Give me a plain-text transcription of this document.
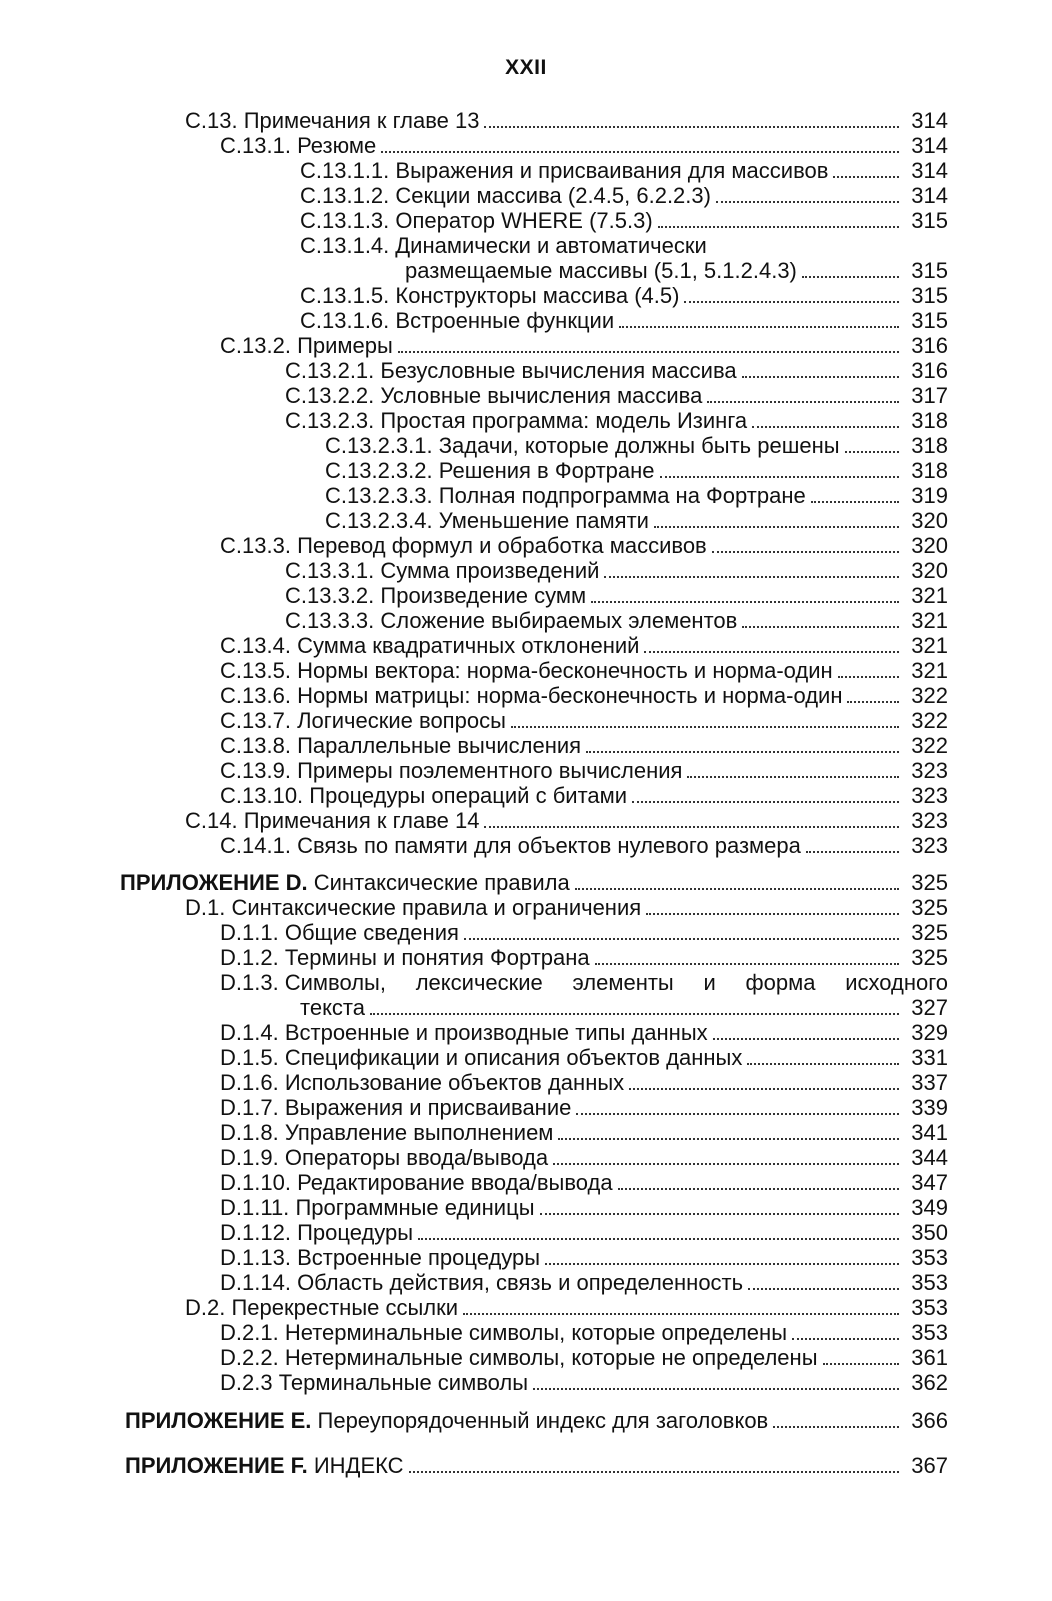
XXII
C.13. Примечания к главе 13	314
C.13.1. Резюме	314
C.13.1.1. Выражения и присваивания для массивов	314
C.13.1.2. Секции массива (2.4.5, 6.2.2.3)	314
C.13.1.3. Оператор WHERE (7.5.3)	315
C.13.1.4. Динамически и автоматически
размещаемые массивы (5.1, 5.1.2.4.3)	315
C.13.1.5. Конструкторы массива (4.5)	315
C.13.1.6. Встроенные функции	315
C.13.2. Примеры	316
C.13.2.1. Безусловные вычисления массива	316
C.13.2.2. Условные вычисления массива	317
C.13.2.3. Простая программа: модель Изинга	318
C.13.2.3.1. Задачи, которые должны быть решены	318
C.13.2.3.2. Решения в Фортране	318
C.13.2.3.3. Полная подпрограмма на Фортране	319
C.13.2.3.4. Уменьшение памяти	320
C.13.3. Перевод формул и обработка массивов	320
C.13.3.1. Сумма произведений	320
C.13.3.2. Произведение сумм	321
C.13.3.3. Сложение выбираемых элементов	321
C.13.4. Сумма квадратичных отклонений	321
C.13.5. Нормы вектора: норма-бесконечность и норма-один	321
C.13.6. Нормы матрицы: норма-бесконечность и норма-один	322
C.13.7. Логические вопросы	322
C.13.8. Параллельные вычисления	322
C.13.9. Примеры поэлементного вычисления	323
C.13.10. Процедуры операций с битами	323
C.14. Примечания к главе 14	323
C.14.1. Связь по памяти для объектов нулевого размера	323
ПРИЛОЖЕНИЕ D. Синтаксические правила	325
D.1. Синтаксические правила и ограничения	325
D.1.1. Общие сведения	325
D.1.2. Термины и понятия Фортрана	325
D.1.3. Символы, лексические элементы и форма исходного
текста	327
D.1.4. Встроенные и производные типы данных	329
D.1.5. Спецификации и описания объектов данных	331
D.1.6. Использование объектов данных	337
D.1.7. Выражения и присваивание	339
D.1.8. Управление выполнением	341
D.1.9. Операторы ввода/вывода	344
D.1.10. Редактирование ввода/вывода	347
D.1.11. Программные единицы	349
D.1.12. Процедуры	350
D.1.13. Встроенные процедуры	353
D.1.14. Область действия, связь и определенность	353
D.2. Перекрестные ссылки	353
D.2.1. Нетерминальные символы, которые определены	353
D.2.2. Нетерминальные символы, которые не определены	361
D.2.3 Терминальные символы	362
ПРИЛОЖЕНИЕ E. Переупорядоченный индекс для заголовков	366
ПРИЛОЖЕНИЕ F. ИНДЕКС	367
